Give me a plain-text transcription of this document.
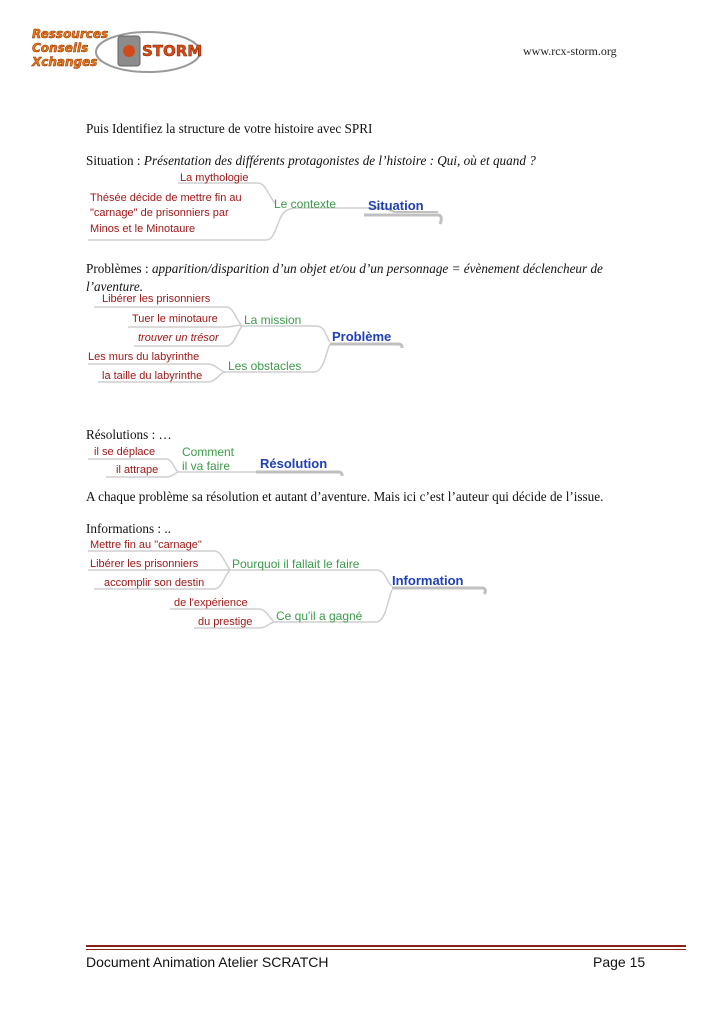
Ressources
Conseils
Xchanges
STORM	www.rcx-storm.org
Puis Identifiez la structure de votre histoire avec SPRI
Situation : Présentation des différents protagonistes de l’histoire : Qui, où et quand ?
La mythologie
Thésée décide de mettre fin au
"carnage" de prisonniers par
Minos et le Minotaure
Le contexte Situation
Problèmes : apparition/disparition d’un objet et/ou d’un personnage = évènement déclencheur de
l’aventure.
Libérer les prisonniers
Tuer le minotaure
trouver un trésor
Les murs du labyrinthe
la taille du labyrinthe
La mission
Les obstacles
Problème
Résolutions : …
il se déplace
il attrape
Comment
il va faire Résolution
A chaque problème sa résolution et autant d’aventure. Mais ici c’est l’auteur qui décide de l’issue.
Informations : ..
Mettre fin au "carnage"
Libérer les prisonniers
accomplir son destin
de l'expérience
du prestige
Pourquoi il fallait le faire
Ce qu'il a gagné
Information
Document Animation Atelier SCRATCH	Page 15
